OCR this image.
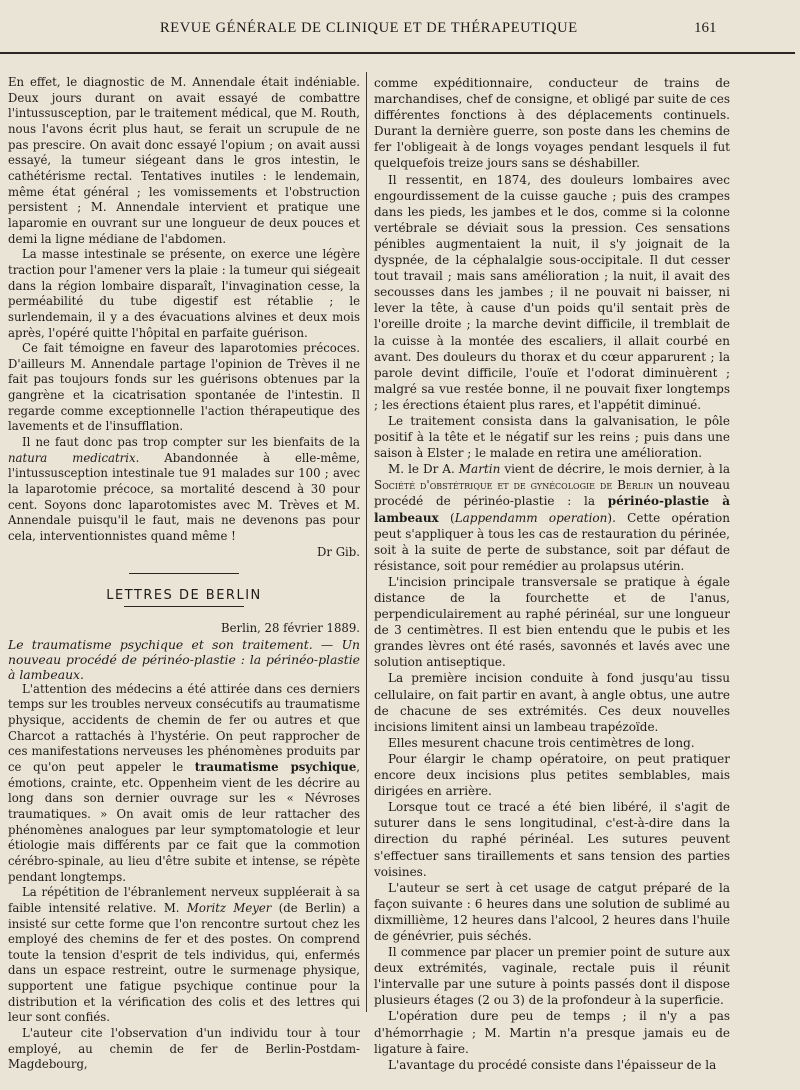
REVUE GÉNÉRALE DE CLINIQUE ET DE THÉRAPEUTIQUE	161

En effet, le diagnostic de M. Annendale était indéniable. Deux jours durant on avait essayé de combattre l'intussusception, par le traitement médical, que M. Routh, nous l'avons écrit plus haut, se ferait un scrupule de ne pas prescire. On avait donc essayé l'opium ; on avait aussi essayé, la tumeur siégeant dans le gros intestin, le cathétérisme rectal. Tentatives inutiles : le lendemain, même état général ; les vomissements et l'obstruction persistent ; M. Annendale intervient et pratique une laparomie en ouvrant sur une longueur de deux pouces et demi la ligne médiane de l'abdomen.

La masse intestinale se présente, on exerce une légère traction pour l'amener vers la plaie : la tumeur qui siégeait dans la région lombaire disparaît, l'invagination cesse, la perméabilité du tube digestif est rétablie ; le surlendemain, il y a des évacuations alvines et deux mois après, l'opéré quitte l'hôpital en parfaite guérison.

Ce fait témoigne en faveur des laparotomies précoces. D'ailleurs M. Annendale partage l'opinion de Trèves il ne fait pas toujours fonds sur les guérisons obtenues par la gangrène et la cicatrisation spontanée de l'intestin. Il regarde comme exceptionnelle l'action thérapeutique des lavements et de l'insufflation.

Il ne faut donc pas trop compter sur les bienfaits de la natura medicatrix. Abandonnée à elle-même, l'intussusception intestinale tue 91 malades sur 100 ; avec la laparotomie précoce, sa mortalité descend à 30 pour cent. Soyons donc laparotomistes avec M. Trèves et M. Annendale puisqu'il le faut, mais ne devenons pas pour cela, interventionnistes quand même !

Dr Gib.

LETTRES DE BERLIN

Berlin, 28 février 1889.

Le traumatisme psychique et son traitement. — Un nouveau procédé de périnéo-plastie : la périnéo-plastie à lambeaux.

L'attention des médecins a été attirée dans ces derniers temps sur les troubles nerveux consécutifs au traumatisme physique, accidents de chemin de fer ou autres et que Charcot a rattachés à l'hystérie. On peut rapprocher de ces manifestations nerveuses les phénomènes produits par ce qu'on peut appeler le traumatisme psychique, émotions, crainte, etc. Oppenheim vient de les décrire au long dans son dernier ouvrage sur les « Névroses traumatiques. » On avait omis de leur rattacher des phénomènes analogues par leur symptomatologie et leur étiologie mais différents par ce fait que la commotion cérébro-spinale, au lieu d'être subite et intense, se répète pendant longtemps.

La répétition de l'ébranlement nerveux suppléerait à sa faible intensité relative. M. Moritz Meyer (de Berlin) a insisté sur cette forme que l'on rencontre surtout chez les employé des chemins de fer et des postes. On comprend toute la tension d'esprit de tels individus, qui, enfermés dans un espace restreint, outre le surmenage physique, supportent une fatigue psychique continue pour la distribution et la vérification des colis et des lettres qui leur sont confiés.

L'auteur cite l'observation d'un individu tour à tour employé, au chemin de fer de Berlin-Postdam-Magdebourg,

comme expéditionnaire, conducteur de trains de marchandises, chef de consigne, et obligé par suite de ces différentes fonctions à des déplacements continuels. Durant la dernière guerre, son poste dans les chemins de fer l'obligeait à de longs voyages pendant lesquels il fut quelquefois treize jours sans se déshabiller.

Il ressentit, en 1874, des douleurs lombaires avec engourdissement de la cuisse gauche ; puis des crampes dans les pieds, les jambes et le dos, comme si la colonne vertébrale se déviait sous la pression. Ces sensations pénibles augmentaient la nuit, il s'y joignait de la dyspnée, de la céphalalgie sous-occipitale. Il dut cesser tout travail ; mais sans amélioration ; la nuit, il avait des secousses dans les jambes ; il ne pouvait ni baisser, ni lever la tête, à cause d'un poids qu'il sentait près de l'oreille droite ; la marche devint difficile, il tremblait de la cuisse à la montée des escaliers, il allait courbé en avant. Des douleurs du thorax et du cœur apparurent ; la parole devint difficile, l'ouïe et l'odorat diminuèrent ; malgré sa vue restée bonne, il ne pouvait fixer longtemps ; les érections étaient plus rares, et l'appétit diminué.

Le traitement consista dans la galvanisation, le pôle positif à la tête et le négatif sur les reins ; puis dans une saison à Elster ; le malade en retira une amélioration.

M. le Dr A. Martin vient de décrire, le mois dernier, à la Société d'obstétrique et de gynécologie de Berlin un nouveau procédé de périnéo-plastie : la périnéo-plastie à lambeaux (Lappendamm operation). Cette opération peut s'appliquer à tous les cas de restauration du périnée, soit à la suite de perte de substance, soit par défaut de résistance, soit pour remédier au prolapsus utérin.

L'incision principale transversale se pratique à égale distance de la fourchette et de l'anus, perpendiculairement au raphé périnéal, sur une longueur de 3 centimètres. Il est bien entendu que le pubis et les grandes lèvres ont été rasés, savonnés et lavés avec une solution antiseptique.

La première incision conduite à fond jusqu'au tissu cellulaire, on fait partir en avant, à angle obtus, une autre de chacune de ses extrémités. Ces deux nouvelles incisions limitent ainsi un lambeau trapézoïde.

Elles mesurent chacune trois centimètres de long.

Pour élargir le champ opératoire, on peut pratiquer encore deux incisions plus petites semblables, mais dirigées en arrière.

Lorsque tout ce tracé a été bien libéré, il s'agit de suturer dans le sens longitudinal, c'est-à-dire dans la direction du raphé périnéal. Les sutures peuvent s'effectuer sans tiraillements et sans tension des parties voisines.

L'auteur se sert à cet usage de catgut préparé de la façon suivante : 6 heures dans une solution de sublimé au dixmillième, 12 heures dans l'alcool, 2 heures dans l'huile de génévrier, puis séchés.

Il commence par placer un premier point de suture aux deux extrémités, vaginale, rectale puis il réunit l'intervalle par une suture à points passés dont il dispose plusieurs étages (2 ou 3) de la profondeur à la superficie.

L'opération dure peu de temps ; il n'y a pas d'hémorrhagie ; M. Martin n'a presque jamais eu de ligature à faire.

L'avantage du procédé consiste dans l'épaisseur de la
